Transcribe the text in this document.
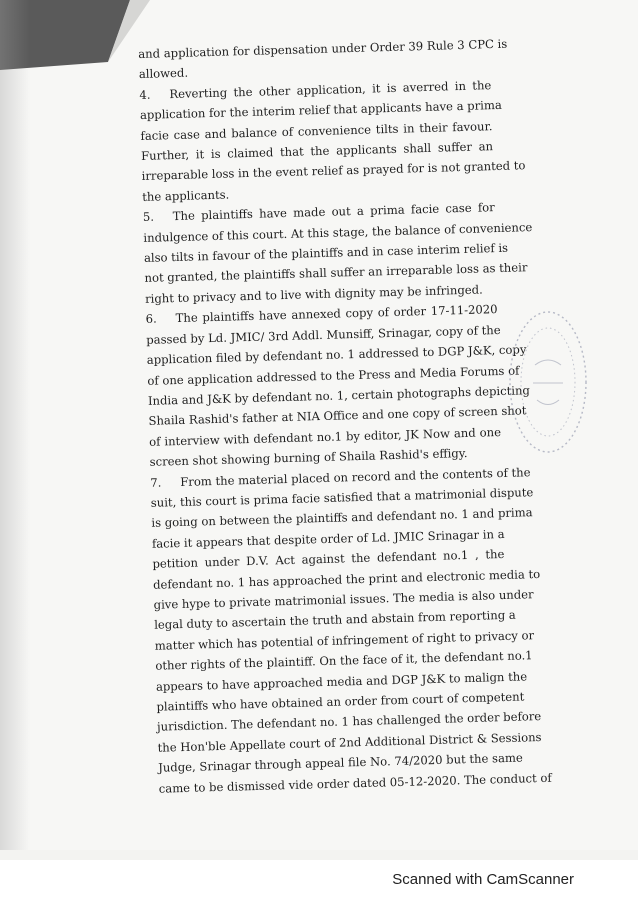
and application for dispensation under Order 39 Rule 3 CPC is
allowed.
4. Reverting the other application, it is averred in the
application for the interim relief that applicants have a prima
facie case and balance of convenience tilts in their favour.
Further, it is claimed that the applicants shall suffer an
irreparable loss in the event relief as prayed for is not granted to
the applicants.
5. The plaintiffs have made out a prima facie case for
indulgence of this court. At this stage, the balance of convenience
also tilts in favour of the plaintiffs and in case interim relief is
not granted, the plaintiffs shall suffer an irreparable loss as their
right to privacy and to live with dignity may be infringed.
6. The plaintiffs have annexed copy of order 17-11-2020
passed by Ld. JMIC/ 3rd Addl. Munsiff, Srinagar, copy of the
application filed by defendant no. 1 addressed to DGP J&K, copy
of one application addressed to the Press and Media Forums of
India and J&K by defendant no. 1, certain photographs depicting
Shaila Rashid's father at NIA Office and one copy of screen shot
of interview with defendant no.1 by editor, JK Now and one
screen shot showing burning of Shaila Rashid's effigy.
7. From the material placed on record and the contents of the
suit, this court is prima facie satisfied that a matrimonial dispute
is going on between the plaintiffs and defendant no. 1 and prima
facie it appears that despite order of Ld. JMIC Srinagar in a
petition under D.V. Act against the defendant no.1 , the
defendant no. 1 has approached the print and electronic media to
give hype to private matrimonial issues. The media is also under
legal duty to ascertain the truth and abstain from reporting a
matter which has potential of infringement of right to privacy or
other rights of the plaintiff. On the face of it, the defendant no.1
appears to have approached media and DGP J&K to malign the
plaintiffs who have obtained an order from court of competent
jurisdiction. The defendant no. 1 has challenged the order before
the Hon'ble Appellate court of 2nd Additional District & Sessions
Judge, Srinagar through appeal file No. 74/2020 but the same
came to be dismissed vide order dated 05-12-2020. The conduct of
Scanned with CamScanner
